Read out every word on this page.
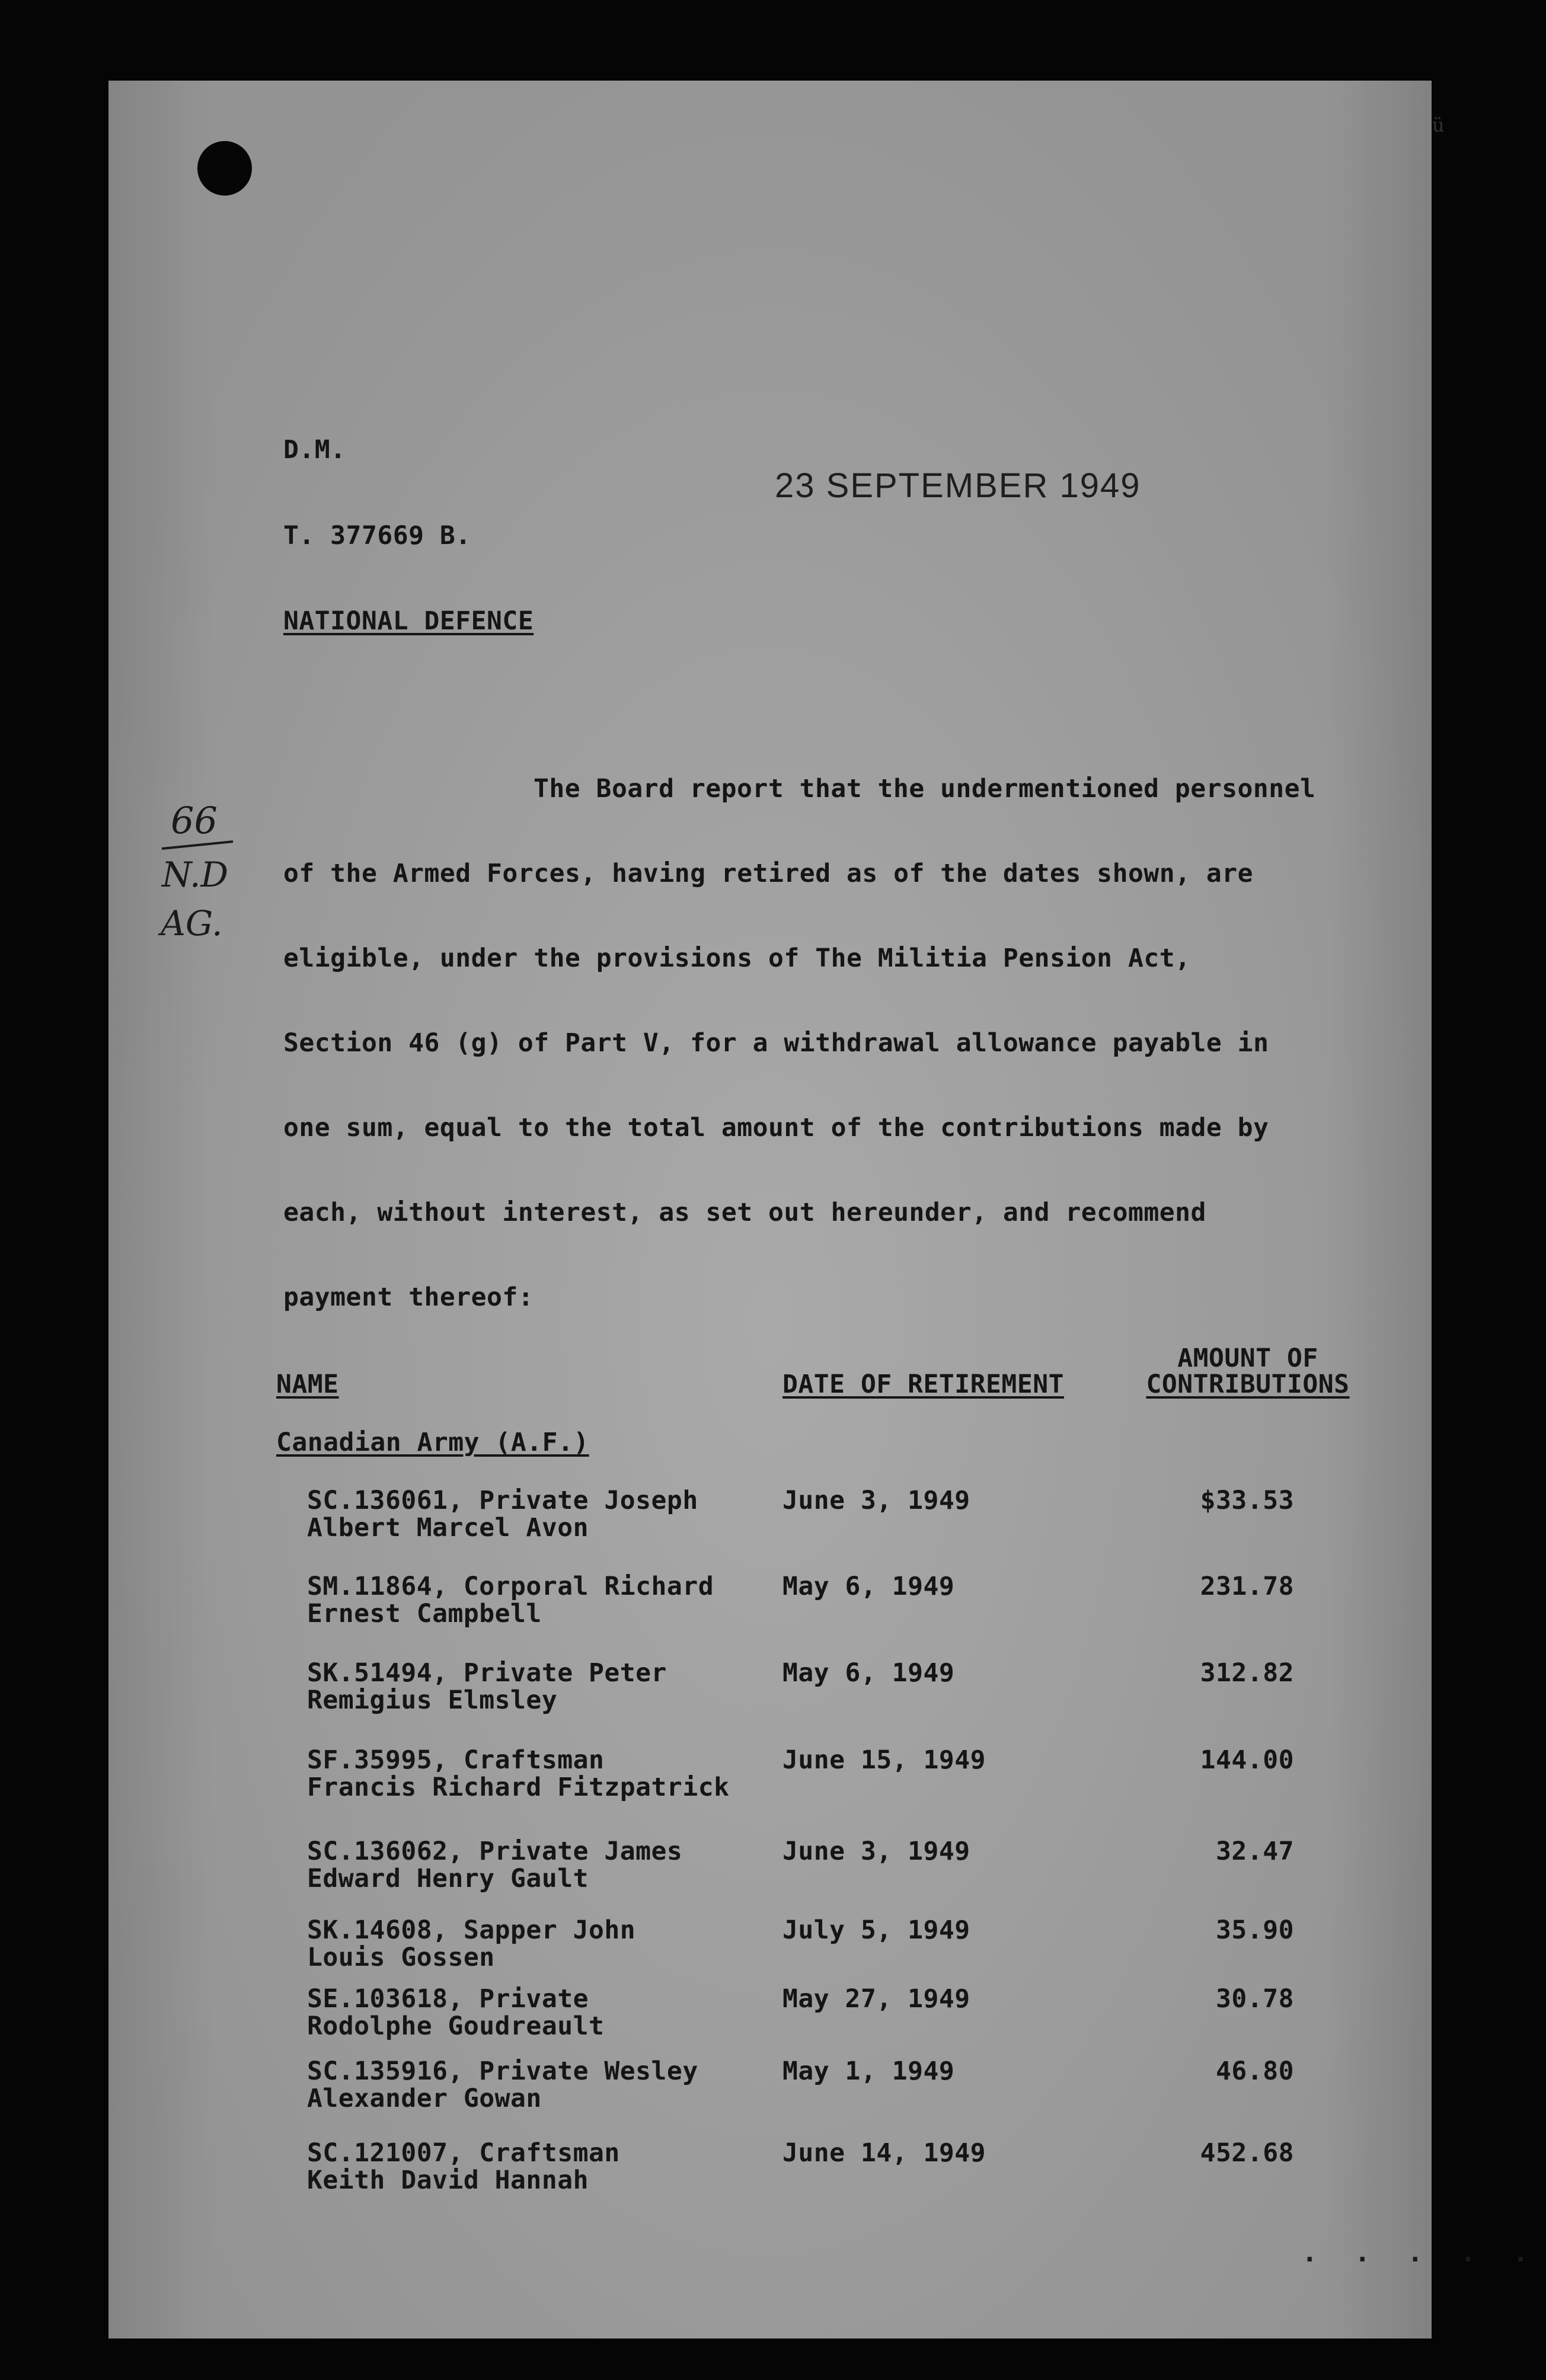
ü
D.M.
23 SEPTEMBER 1949
T. 377669 B.
NATIONAL DEFENCE
66
N.D
AG.
The Board report that the undermentioned personnel
of the Armed Forces, having retired as of the dates shown, are
eligible, under the provisions of The Militia Pension Act,
Section 46 (g) of Part V, for a withdrawal allowance payable in
one sum, equal to the total amount of the contributions made by
each, without interest, as set out hereunder, and recommend
payment thereof:
NAME	DATE OF RETIREMENT
AMOUNT OF
CONTRIBUTIONS
Canadian Army (A.F.)
SC.136061, Private Joseph
Albert Marcel Avon
June 3, 1949	$33.53
SM.11864, Corporal Richard
Ernest Campbell
May 6, 1949	231.78
SK.51494, Private Peter
Remigius Elmsley
May 6, 1949	312.82
SF.35995, Craftsman
Francis Richard Fitzpatrick
June 15, 1949	144.00
SC.136062, Private James
Edward Henry Gault
June 3, 1949	32.47
SK.14608, Sapper John
Louis Gossen
July 5, 1949	35.90
SE.103618, Private
Rodolphe Goudreault
May 27, 1949	30.78
SC.135916, Private Wesley
Alexander Gowan
May 1, 1949	46.80
SC.121007, Craftsman
Keith David Hannah
June 14, 1949	452.68
. . . . .
